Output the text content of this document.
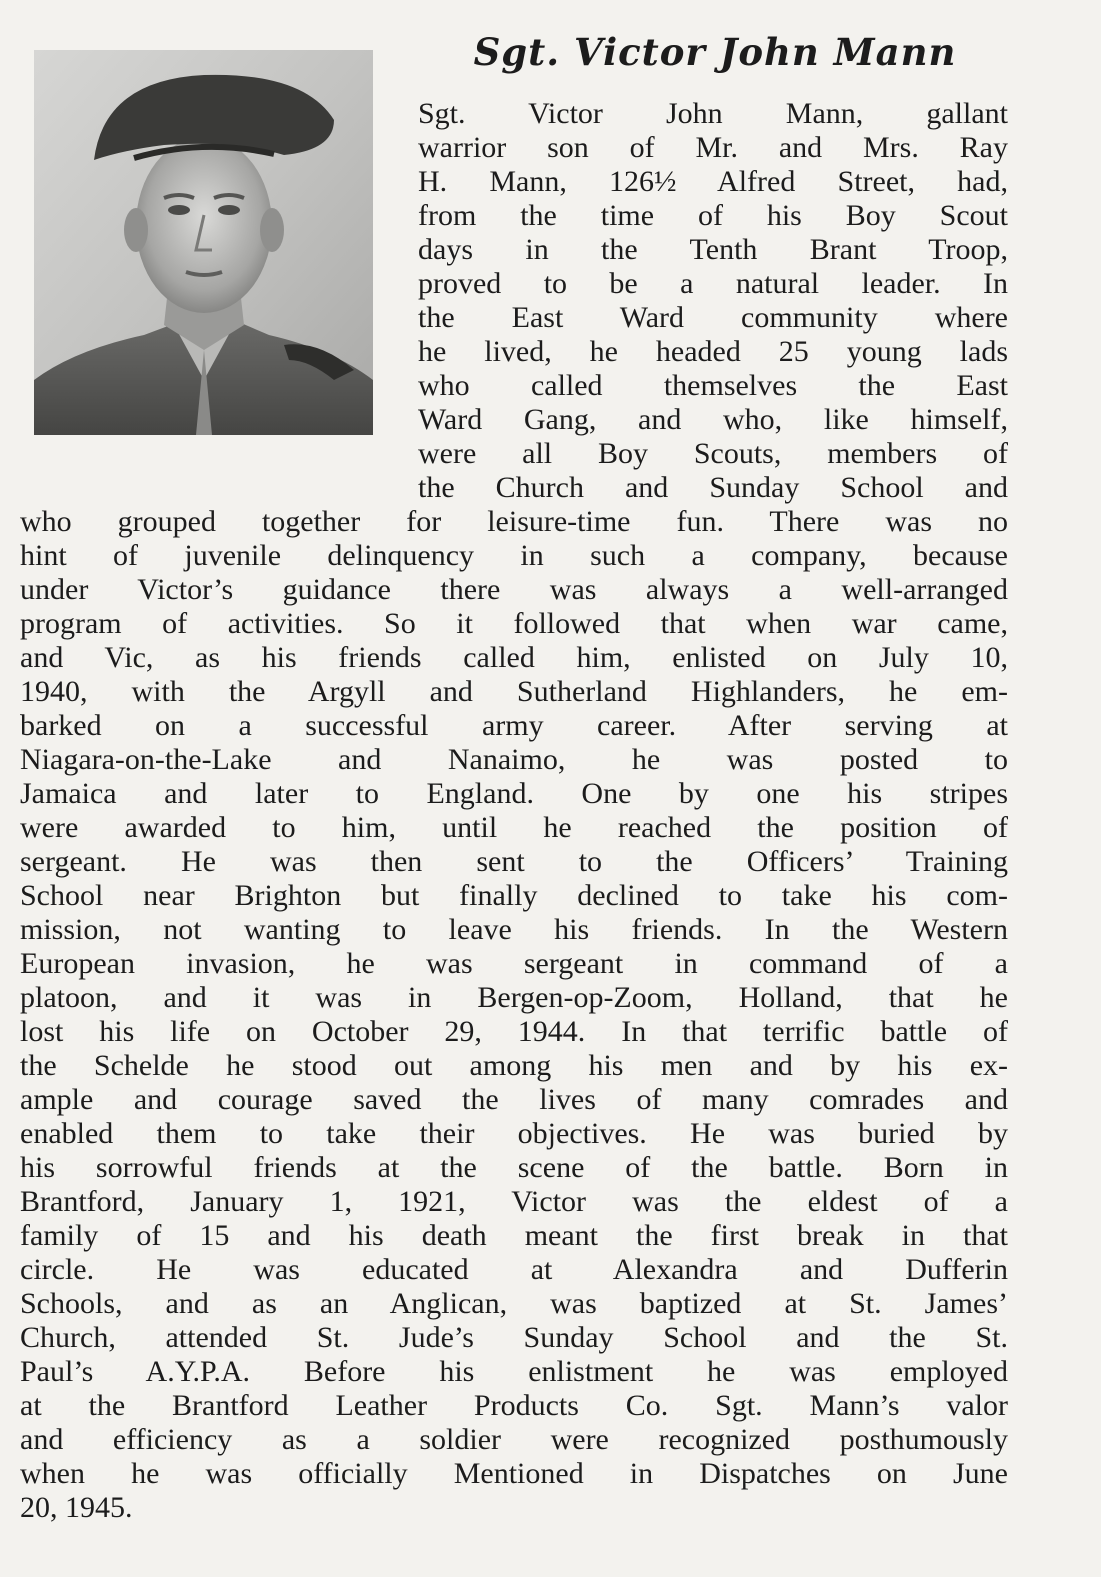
Sgt. Victor John Mann
Sgt. Victor John Mann, gallant
warrior son of Mr. and Mrs. Ray
H. Mann, 126½ Alfred Street, had,
from the time of his Boy Scout
days in the Tenth Brant Troop,
proved to be a natural leader. In
the East Ward community where
he lived, he headed 25 young lads
who called themselves the East
Ward Gang, and who, like himself,
were all Boy Scouts, members of
the Church and Sunday School and
who grouped together for leisure-time fun. There was no
hint of juvenile delinquency in such a company, because
under Victor’s guidance there was always a well-arranged
program of activities. So it followed that when war came,
and Vic, as his friends called him, enlisted on July 10,
1940, with the Argyll and Sutherland Highlanders, he em-
barked on a successful army career. After serving at
Niagara-on-the-Lake and Nanaimo, he was posted to
Jamaica and later to England. One by one his stripes
were awarded to him, until he reached the position of
sergeant. He was then sent to the Officers’ Training
School near Brighton but finally declined to take his com-
mission, not wanting to leave his friends. In the Western
European invasion, he was sergeant in command of a
platoon, and it was in Bergen-op-Zoom, Holland, that he
lost his life on October 29, 1944. In that terrific battle of
the Schelde he stood out among his men and by his ex-
ample and courage saved the lives of many comrades and
enabled them to take their objectives. He was buried by
his sorrowful friends at the scene of the battle. Born in
Brantford, January 1, 1921, Victor was the eldest of a
family of 15 and his death meant the first break in that
circle. He was educated at Alexandra and Dufferin
Schools, and as an Anglican, was baptized at St. James’
Church, attended St. Jude’s Sunday School and the St.
Paul’s A.Y.P.A. Before his enlistment he was employed
at the Brantford Leather Products Co. Sgt. Mann’s valor
and efficiency as a soldier were recognized posthumously
when he was officially Mentioned in Dispatches on June
20, 1945.
